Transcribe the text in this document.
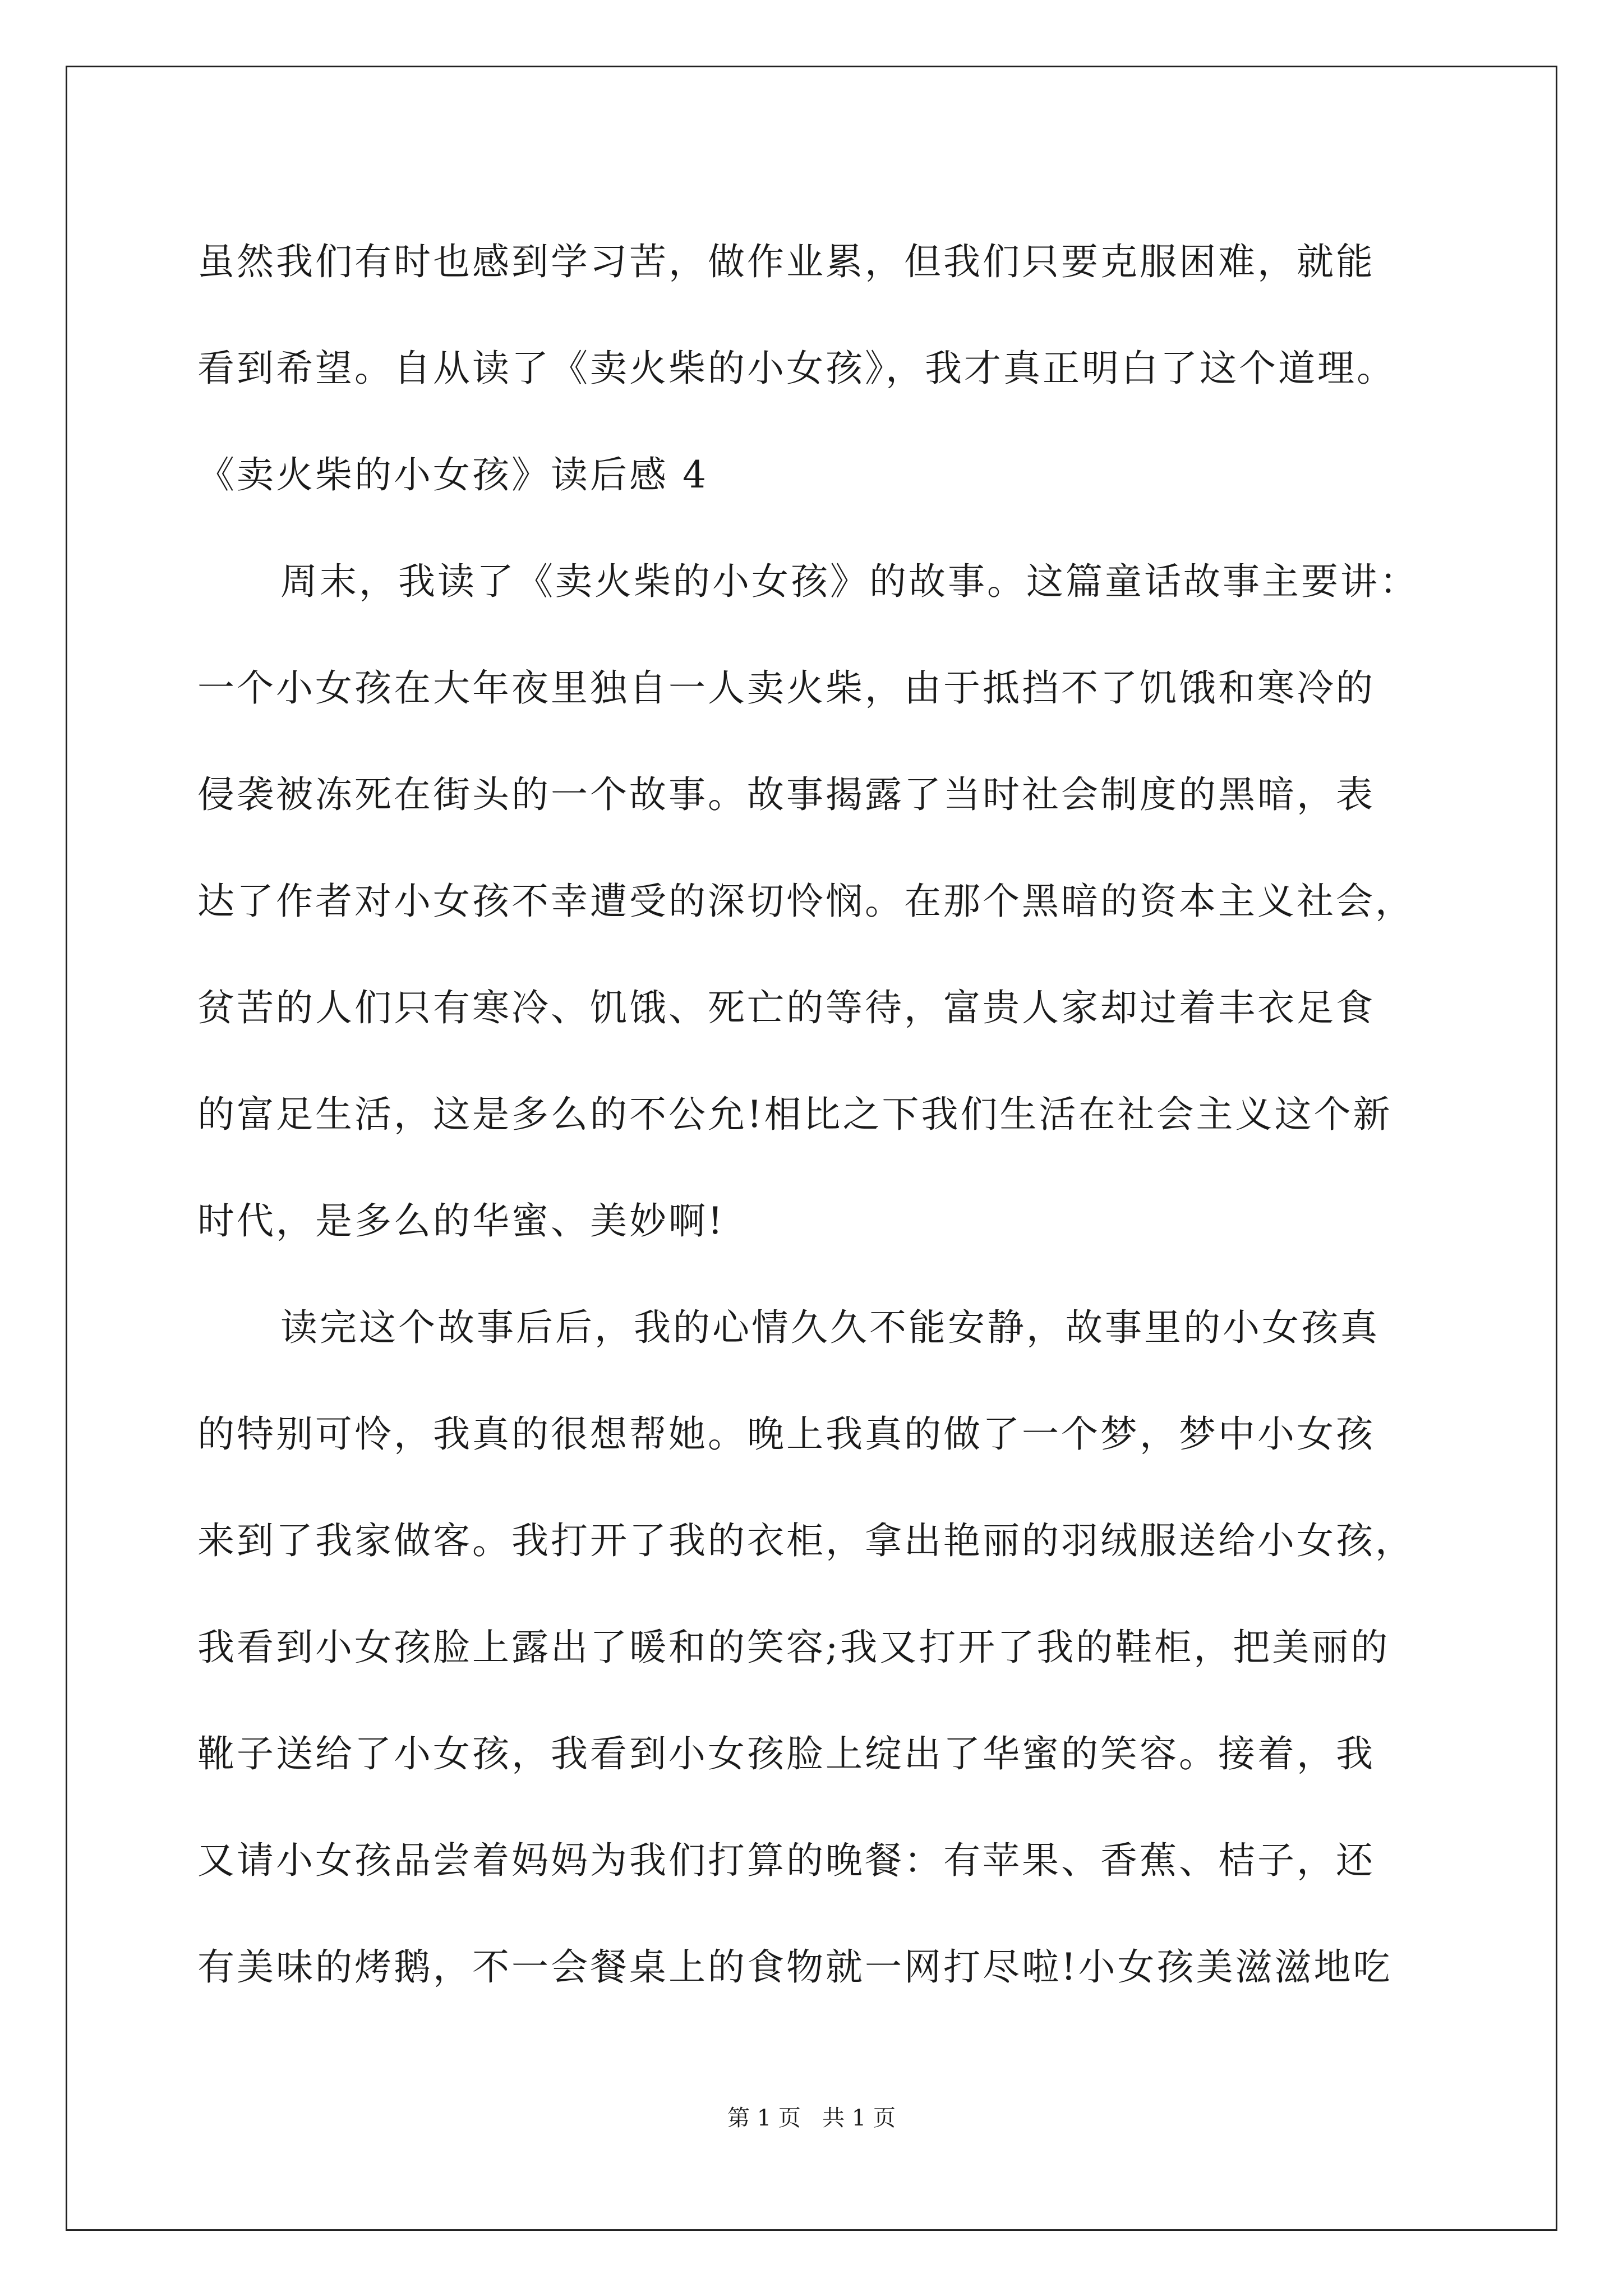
虽然我们有时也感到学习苦，做作业累，但我们只要克服困难，就能
看到希望。自从读了《卖火柴的小女孩》，我才真正明白了这个道理。
《卖火柴的小女孩》读后感 4
周末，我读了《卖火柴的小女孩》的故事。这篇童话故事主要讲：
一个小女孩在大年夜里独自一人卖火柴，由于抵挡不了饥饿和寒冷的
侵袭被冻死在街头的一个故事。故事揭露了当时社会制度的黑暗，表
达了作者对小女孩不幸遭受的深切怜悯。在那个黑暗的资本主义社会，
贫苦的人们只有寒冷、饥饿、死亡的等待，富贵人家却过着丰衣足食
的富足生活，这是多么的不公允!相比之下我们生活在社会主义这个新
时代，是多么的华蜜、美妙啊!
读完这个故事后后，我的心情久久不能安静，故事里的小女孩真
的特别可怜，我真的很想帮她。晚上我真的做了一个梦，梦中小女孩
来到了我家做客。我打开了我的衣柜，拿出艳丽的羽绒服送给小女孩，
我看到小女孩脸上露出了暖和的笑容;我又打开了我的鞋柜，把美丽的
靴子送给了小女孩，我看到小女孩脸上绽出了华蜜的笑容。接着，我
又请小女孩品尝着妈妈为我们打算的晚餐：有苹果、香蕉、桔子，还
有美味的烤鹅，不一会餐桌上的食物就一网打尽啦!小女孩美滋滋地吃
第 1 页   共 1 页
